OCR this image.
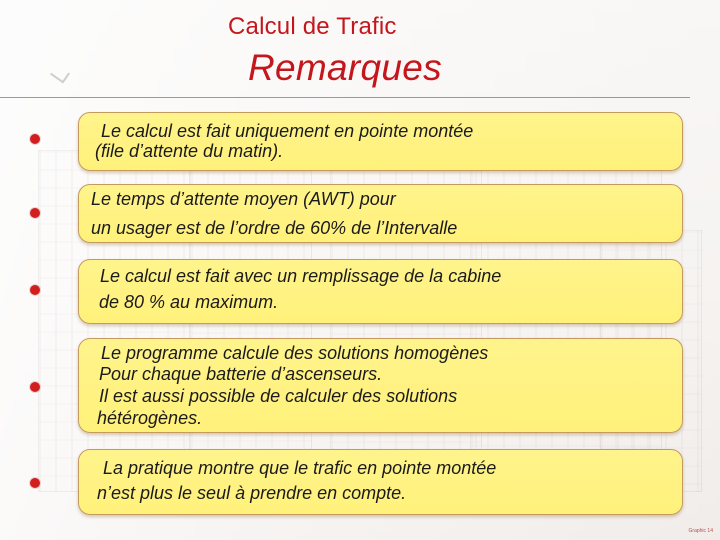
Calcul de Trafic
Remarques
Le calcul est fait uniquement en pointe montée
(file d’attente du matin).
Le temps d’attente moyen (AWT) pour
un usager est de l’ordre de 60% de l’Intervalle
Le calcul est fait avec un remplissage de la cabine
de 80 % au maximum.
Le programme calcule des solutions homogènes
Pour chaque batterie d’ascenseurs.
Il est aussi possible de calculer des solutions
hétérogènes.
La pratique montre que le trafic en pointe montée
n’est plus le seul à prendre en compte.
Graphic 14
